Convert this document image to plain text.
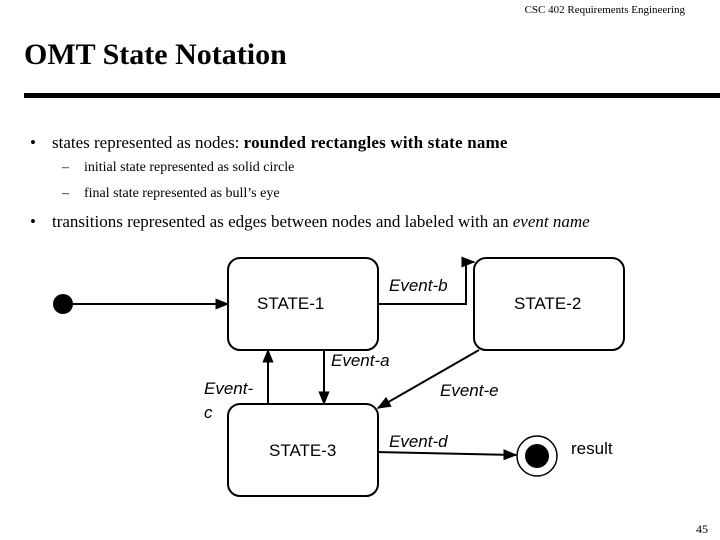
CSC 402 Requirements Engineering
OMT State Notation
• states represented as nodes: rounded rectangles with state name
– initial state represented as solid circle
– final state represented as bull’s eye
• transitions represented as edges between nodes and labeled with an event name
STATE-1	STATE-2
STATE-3
Event-b
Event-a
Event-
c
Event-e
Event-d	result
45
